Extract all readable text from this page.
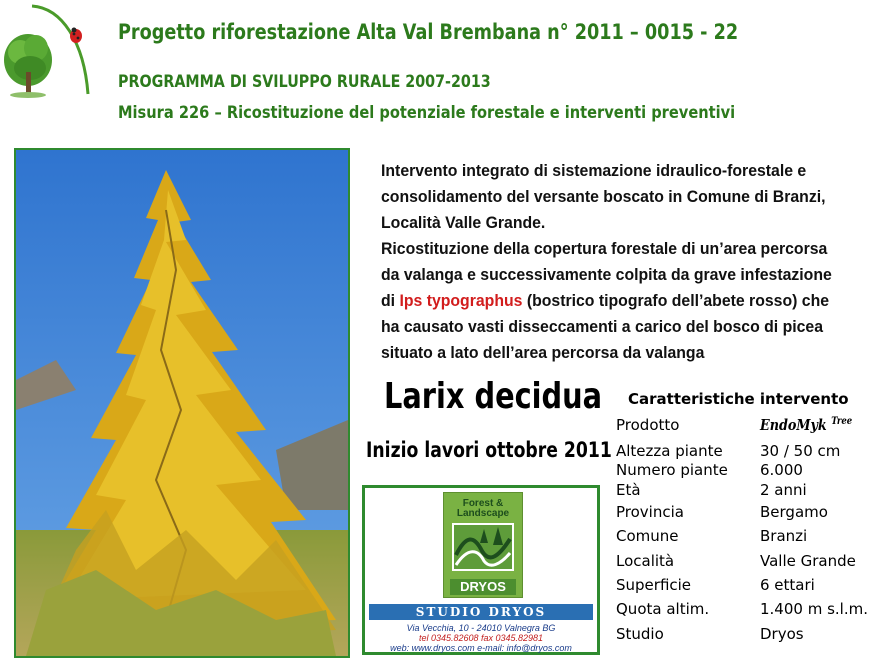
Progetto riforestazione Alta Val Brembana n° 2011 – 0015 - 22
PROGRAMMA DI SVILUPPO RURALE 2007-2013
Misura 226 – Ricostituzione del potenziale forestale e interventi preventivi
Intervento integrato di sistemazione idraulico-forestale e
consolidamento del versante boscato in Comune di Branzi,
Località Valle Grande.
Ricostituzione della copertura forestale di un’area percorsa
da valanga e successivamente colpita da grave infestazione
di Ips typographus (bostrico tipografo dell’abete rosso) che
ha causato vasti disseccamenti a carico del bosco di picea
situato a lato dell’area percorsa da valanga
Larix decidua
Inizio lavori ottobre 2011
Forest &
Landscape
DRYOS
STUDIO DRYOS
Via Vecchia, 10 - 24010 Valnegra BG
tel 0345.82608 fax 0345.82981
web: www.dryos.com e-mail: info@dryos.com
Caratteristiche intervento
Prodotto	EndoMyk $^{Tree}$
Altezza piante 30 / 50 cm
Numero piante 6.000
Età	2 anni
Provincia	Bergamo
Comune	Branzi
Località	Valle Grande
Superficie	6 ettari
Quota altim.	1.400 m s.l.m.
Studio	Dryos
